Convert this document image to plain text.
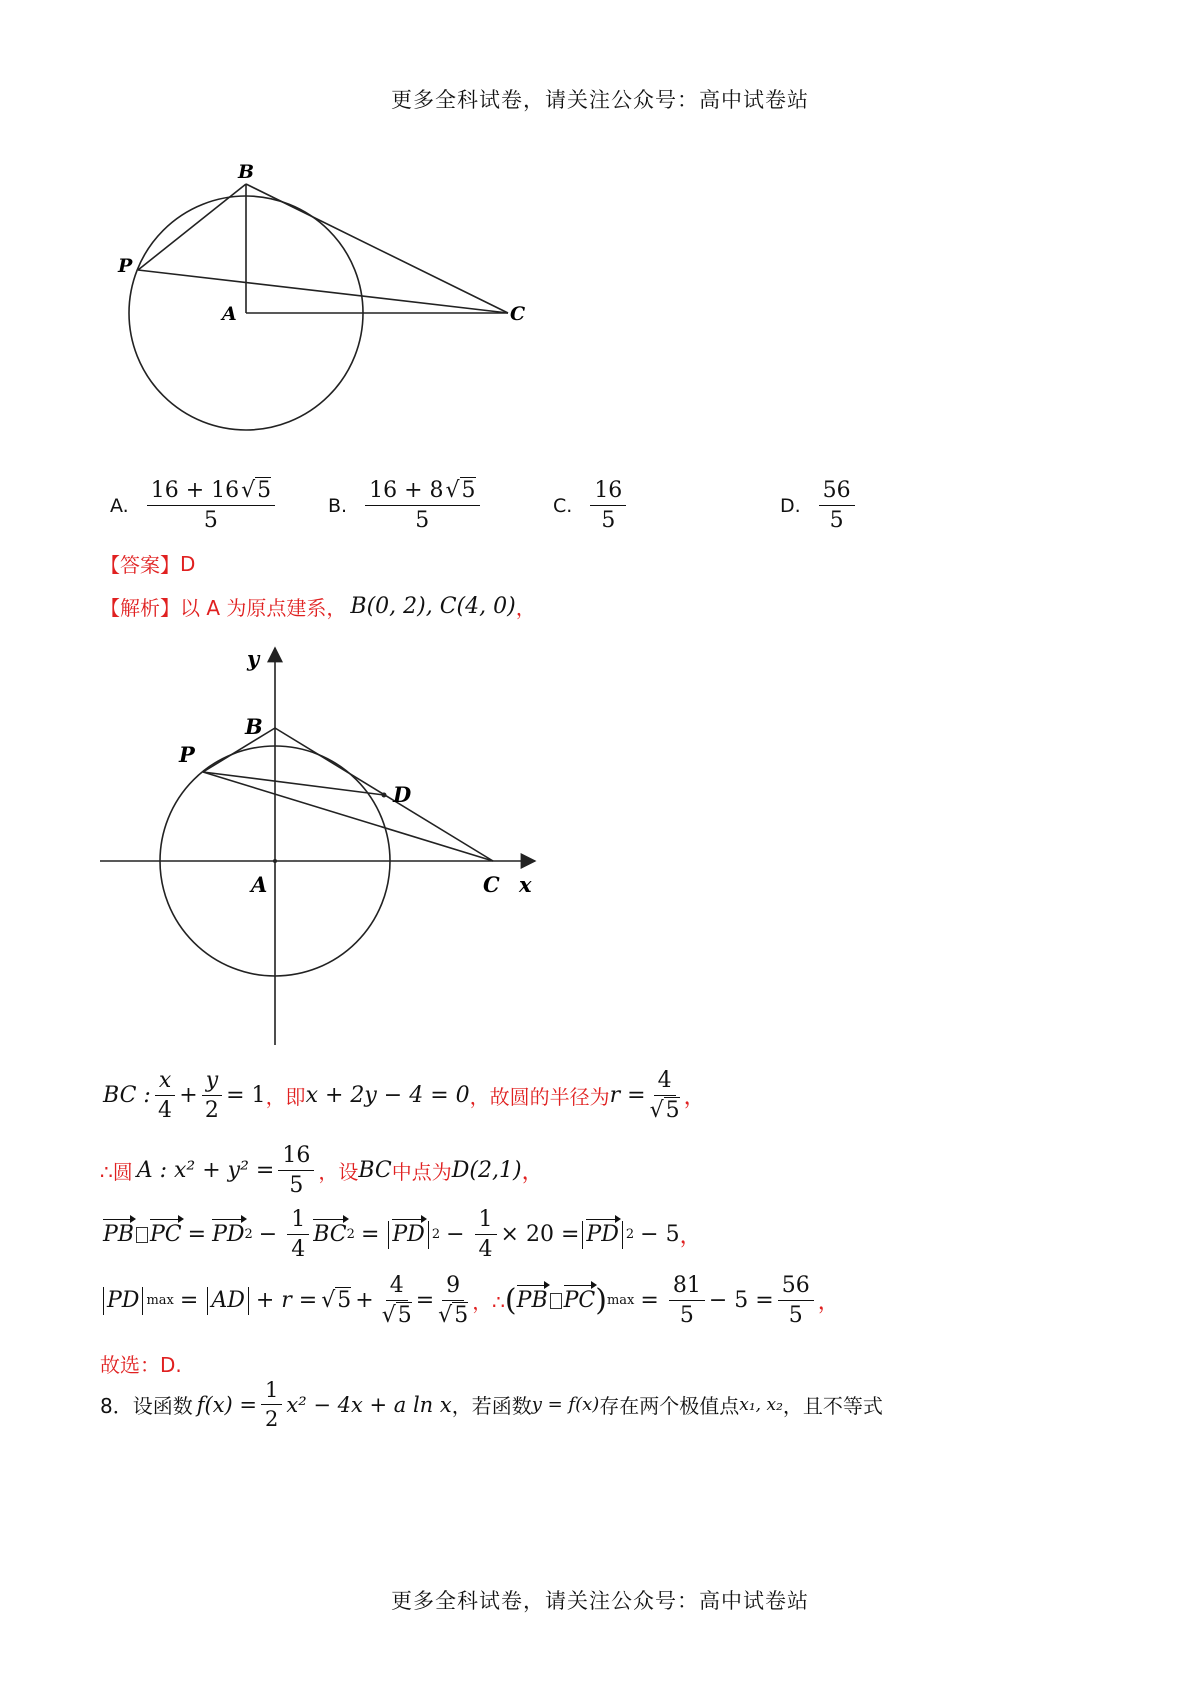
更多全科试卷，请关注公众号：高中试卷站
B
P
A	C
A. $\frac{16 + 16√5}{5}$	B. $\frac{16 + 8√5}{5}$	C. $\frac{16}{5}$	D. $\frac{56}{5}$
【答案】 D
【解析】 以 A 为原点建系， B(0, 2), C(4, 0) ，
y
x
B
P
D
A	C
BC : $\frac{x}{4} + \frac{y}{2} = 1$ ，即 x + 2y − 4 = 0 ，故圆的半径为 $r = \frac{4}{√5}$ ，
∴圆 A : $x^2 + y^2 = \frac{16}{5}$ ，设 BC 中点为 D(2,1) ，
PB PC = PD $2 - \frac{1}{4}$ BC 2 = PD $2 - \frac{1}{4} \times 20$ = PD 2 − 5 ，
PD max = AD + $r = √5 + \frac{4}{√5} = \frac{9}{√5}$ ，∴ ( PB PC ) $\max = \frac{81}{5} - 5 = \frac{56}{5}$ ，
故选：D.
8．设函数 $f(x) = \frac{1}{2} x^2 - 4x + a$ ln x ，若函数 y = f(x) 存在两个极值点 x₁, x₂ ，且不等式
更多全科试卷，请关注公众号：高中试卷站
